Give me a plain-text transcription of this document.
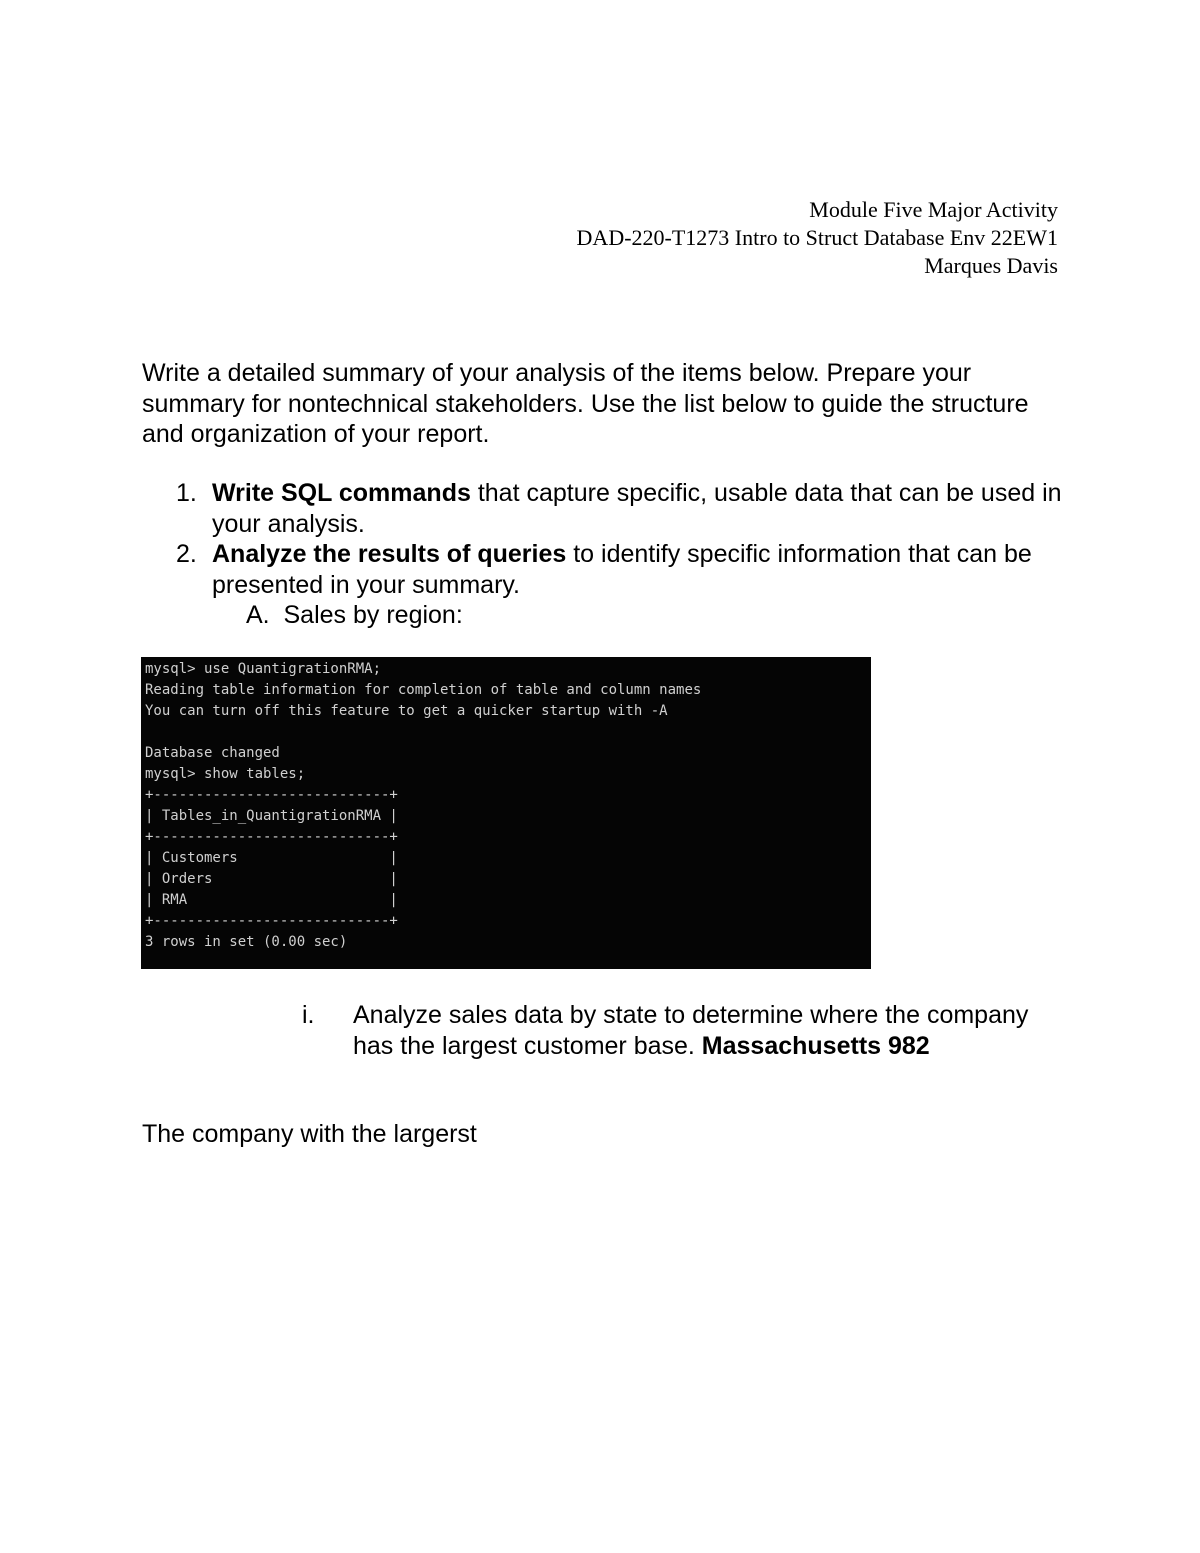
Module Five Major Activity
DAD-220-T1273 Intro to Struct Database Env 22EW1
Marques Davis
Write a detailed summary of your analysis of the items below. Prepare your summary for nontechnical stakeholders. Use the list below to guide the structure and organization of your report.
1. Write SQL commands that capture specific, usable data that can be used in your analysis.
2. Analyze the results of queries to identify specific information that can be presented in your summary.
A.  Sales by region:
mysql> use QuantigrationRMA;
Reading table information for completion of table and column names
You can turn off this feature to get a quicker startup with -A
Database changed
mysql> show tables;
+----------------------------+
| Tables_in_QuantigrationRMA |
+----------------------------+
| Customers                  |
| Orders                     |
| RMA                        |
+----------------------------+
3 rows in set (0.00 sec)
i. Analyze sales data by state to determine where the company has the largest customer base. Massachusetts 982
The company with the largerst
